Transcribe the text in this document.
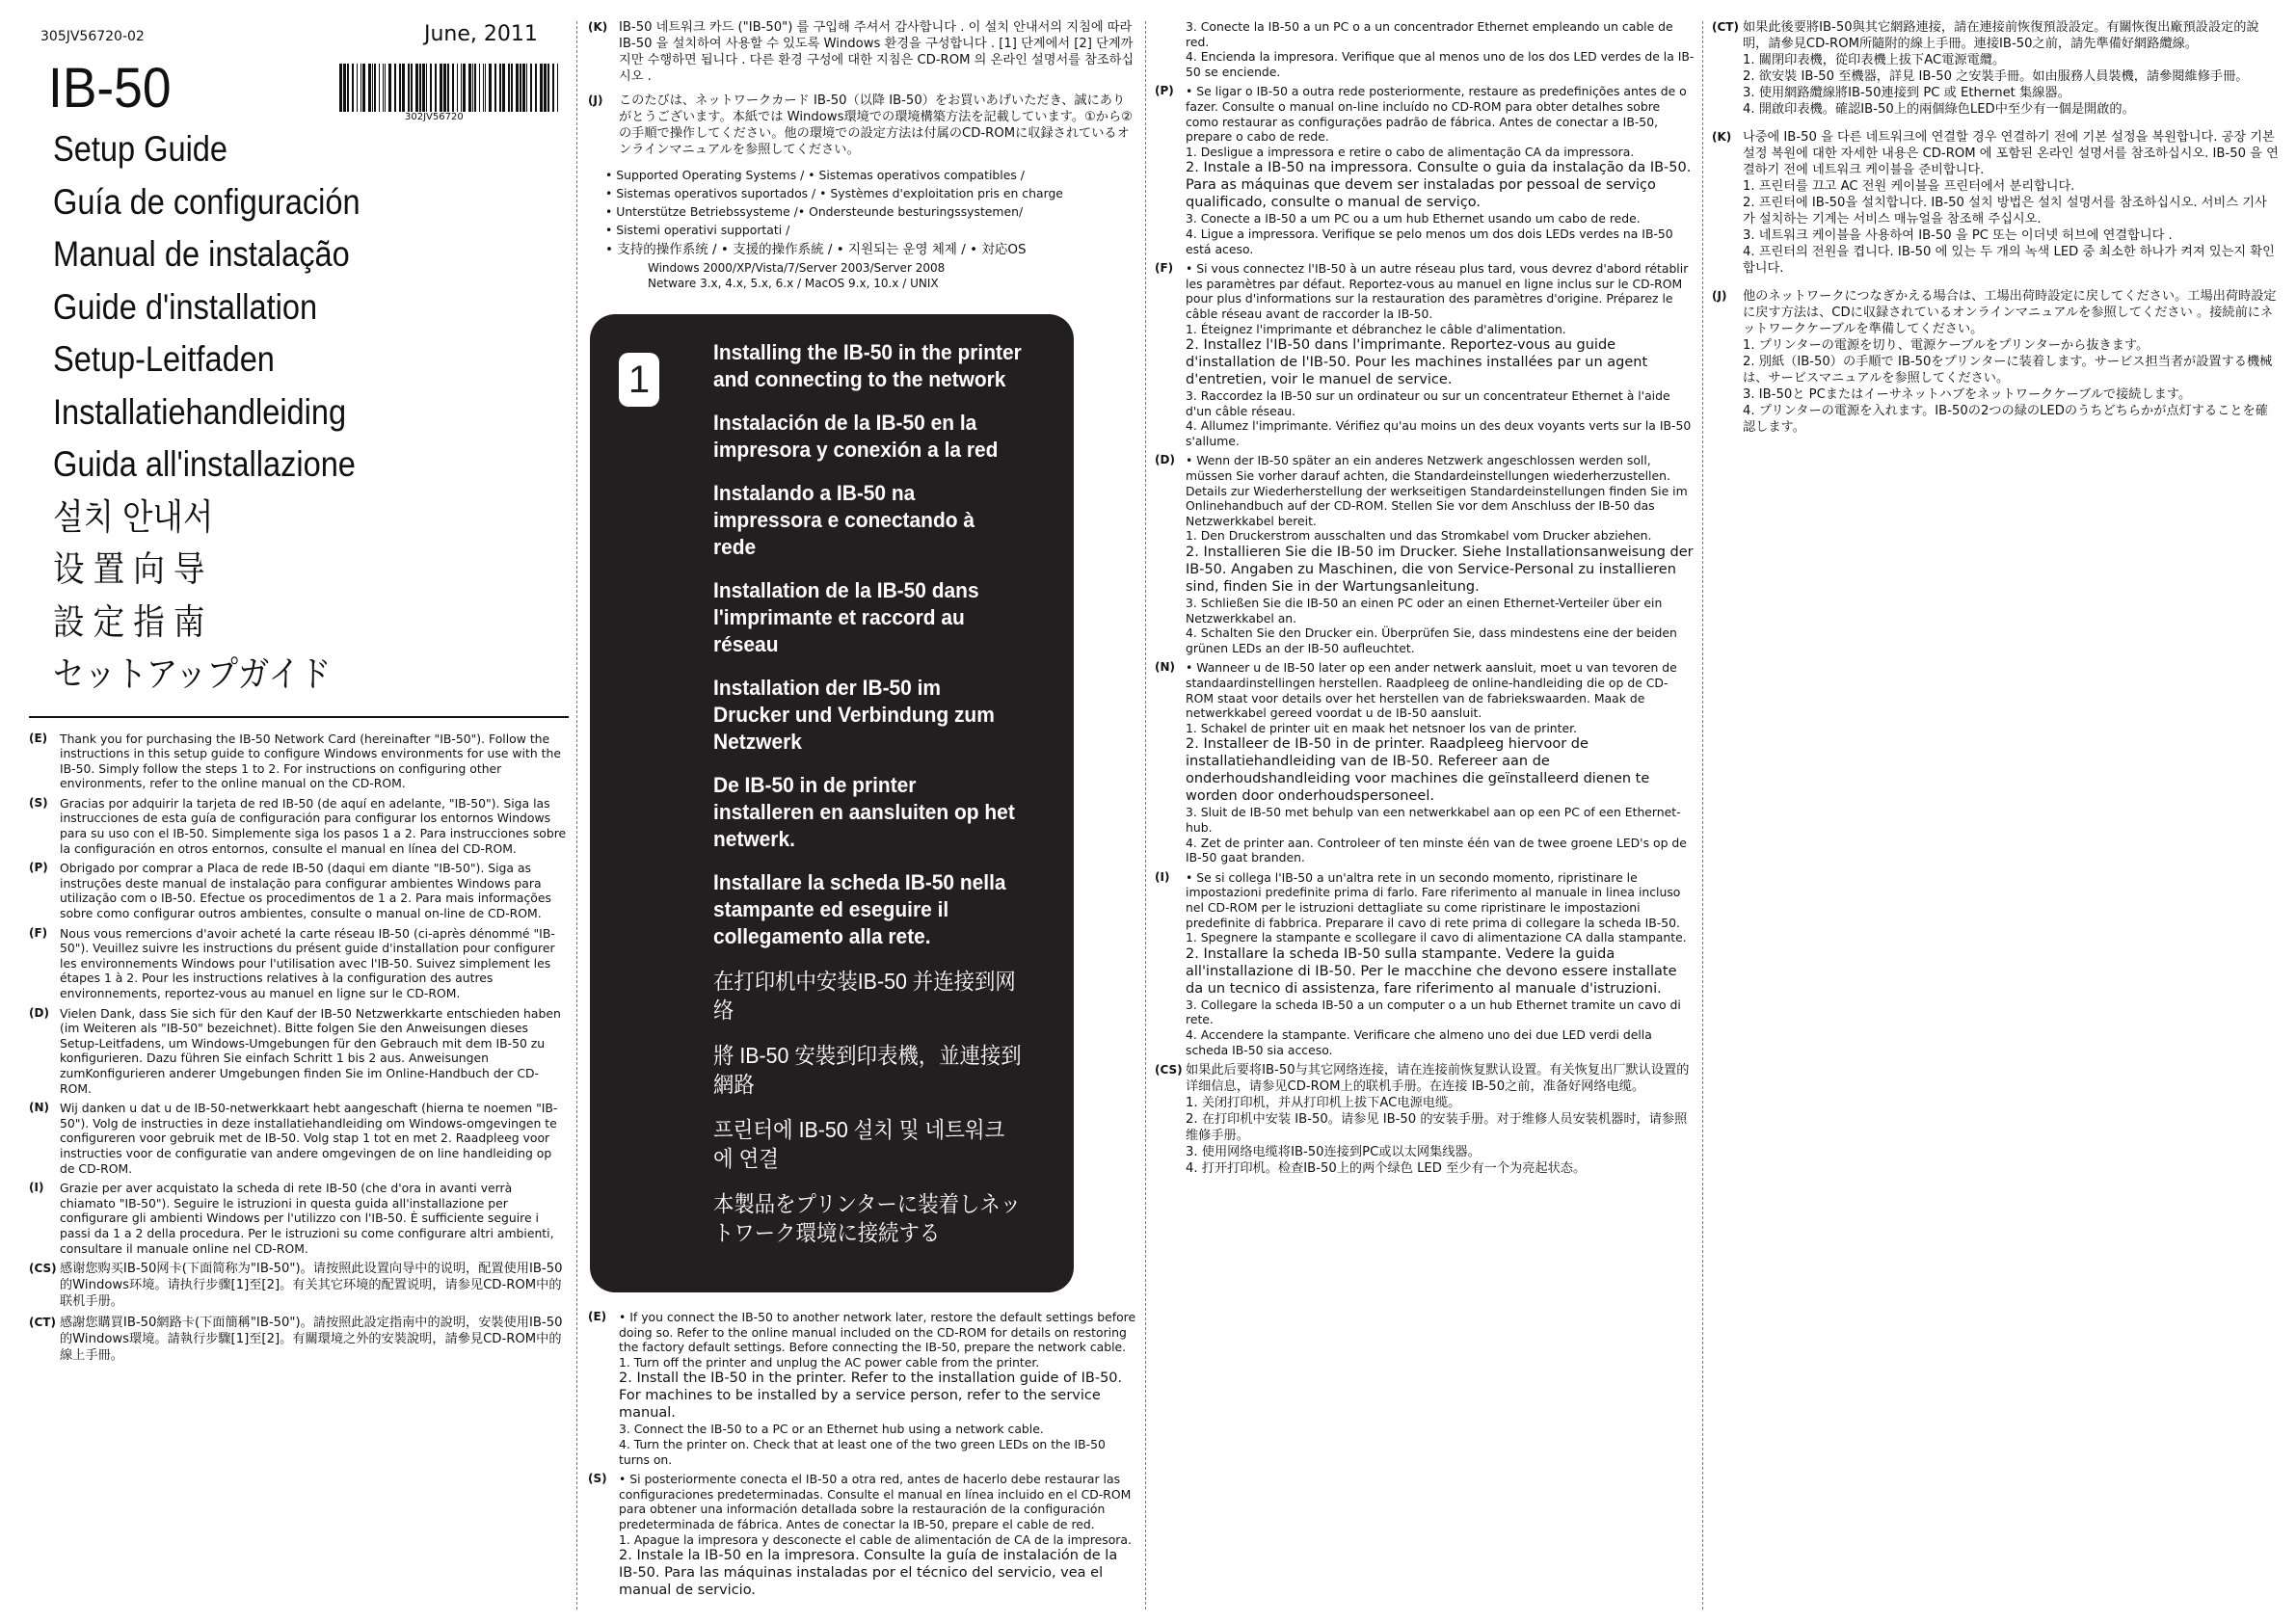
305JV56720-02	June, 2011
IB-50	302JV56720
Setup Guide
Guía de configuración
Manual de instalação
Guide d'installation
Setup-Leitfaden
Installatiehandleiding
Guida all'installazione
설치 안내서
设 置 向 导
設 定 指 南
セットアップガイド
(E) Thank you for purchasing the IB-50 Network Card (hereinafter "IB-50"). Follow the instructions in this setup guide to configure Windows environments for use with the IB-50. Simply follow the steps 1 to 2. For instructions on configuring other environments, refer to the online manual on the CD-ROM.
(S) Gracias por adquirir la tarjeta de red IB-50 (de aquí en adelante, "IB-50"). Siga las instrucciones de esta guía de configuración para configurar los entornos Windows para su uso con el IB-50. Simplemente siga los pasos 1 a 2. Para instrucciones sobre la configuración en otros entornos, consulte el manual en línea del CD-ROM.
(P) Obrigado por comprar a Placa de rede IB-50 (daqui em diante "IB-50"). Siga as instruções deste manual de instalação para configurar ambientes Windows para utilização com o IB-50. Efectue os procedimentos de 1 a 2. Para mais informações sobre como configurar outros ambientes, consulte o manual on-line de CD-ROM.
(F) Nous vous remercions d'avoir acheté la carte réseau IB-50 (ci-après dénommé "IB-50"). Veuillez suivre les instructions du présent guide d'installation pour configurer les environnements Windows pour l'utilisation avec l'IB-50. Suivez simplement les étapes 1 à 2. Pour les instructions relatives à la configuration des autres environnements, reportez-vous au manuel en ligne sur le CD-ROM.
(D) Vielen Dank, dass Sie sich für den Kauf der IB-50 Netzwerkkarte entschieden haben (im Weiteren als "IB-50" bezeichnet). Bitte folgen Sie den Anweisungen dieses Setup-Leitfadens, um Windows-Umgebungen für den Gebrauch mit dem IB-50 zu konfigurieren. Dazu führen Sie einfach Schritt 1 bis 2 aus. Anweisungen zumKonfigurieren anderer Umgebungen finden Sie im Online-Handbuch der CD-ROM.
(N) Wij danken u dat u de IB-50-netwerkkaart hebt aangeschaft (hierna te noemen "IB-50"). Volg de instructies in deze installatiehandleiding om Windows-omgevingen te configureren voor gebruik met de IB-50. Volg stap 1 tot en met 2. Raadpleeg voor instructies voor de configuratie van andere omgevingen de on line handleiding op de CD-ROM.
(I) Grazie per aver acquistato la scheda di rete IB-50 (che d'ora in avanti verrà chiamato "IB-50"). Seguire le istruzioni in questa guida all'installazione per configurare gli ambienti Windows per l'utilizzo con l'IB-50. È sufficiente seguire i passi da 1 a 2 della procedura. Per le istruzioni su come configurare altri ambienti, consultare il manuale online nel CD-ROM.
(CS) 感谢您购买IB-50网卡(下面简称为"IB-50")。请按照此设置向导中的说明，配置使用IB-50的Windows环境。请执行步骤[1]至[2]。有关其它环境的配置说明，请参见CD-ROM中的联机手册。
(CT) 感謝您購買IB-50網路卡(下面簡稱"IB-50")。請按照此設定指南中的說明，安裝使用IB-50的Windows環境。請執行步驟[1]至[2]。有關環境之外的安裝說明，請參見CD-ROM中的線上手冊。
(K) IB-50 네트워크 카드 ("IB-50") 를 구입해 주셔서 감사합니다 . 이 설치 안내서의 지침에 따라 IB-50 을 설치하여 사용할 수 있도록 Windows 환경을 구성합니다 . [1] 단계에서 [2] 단계까지만 수행하면 됩니다 . 다른 환경 구성에 대한 지침은 CD-ROM 의 온라인 설명서를 참조하십시오 .
(J) このたびは、ネットワークカード IB-50（以降 IB-50）をお買いあげいただき、誠にありがとうございます。本紙では Windows環境での環境構築方法を記載しています。①から②の手順で操作してください。他の環境での設定方法は付属のCD-ROMに収録されているオンラインマニュアルを参照してください。
• Supported Operating Systems / • Sistemas operativos compatibles /
• Sistemas operativos suportados / • Systèmes d'exploitation pris en charge
• Unterstütze Betriebssysteme /• Ondersteunde besturingssystemen/
• Sistemi operativi supportati /
• 支持的操作系统 / • 支援的操作系統 / • 지원되는 운영 체제 / • 対応OS
Windows 2000/XP/Vista/7/Server 2003/Server 2008
Netware 3.x, 4.x, 5.x, 6.x / MacOS 9.x, 10.x / UNIX
1
Installing the IB-50 in the printer and connecting to the network
Instalación de la IB-50 en la impresora y conexión a la red
Instalando a IB-50 na impressora e conectando à rede
Installation de la IB-50 dans l'imprimante et raccord au réseau
Installation der IB-50 im Drucker und Verbindung zum Netzwerk
De IB-50 in de printer installeren en aansluiten op het netwerk.
Installare la scheda IB-50 nella stampante ed eseguire il collegamento alla rete.
在打印机中安装IB-50 并连接到网络
將 IB-50 安裝到印表機，並連接到網路
프린터에 IB-50 설치 및 네트워크에 연결
本製品をプリンターに装着しネットワーク環境に接続する
(E) • If you connect the IB-50 to another network later, restore the default settings before doing so. Refer to the online manual included on the CD-ROM for details on restoring the factory default settings. Before connecting the IB-50, prepare the network cable.
1. Turn off the printer and unplug the AC power cable from the printer.
2. Install the IB-50 in the printer. Refer to the installation guide of IB-50. For machines to be installed by a service person, refer to the service manual.
3. Connect the IB-50 to a PC or an Ethernet hub using a network cable.
4. Turn the printer on. Check that at least one of the two green LEDs on the IB-50 turns on.
(S) • Si posteriormente conecta el IB-50 a otra red, antes de hacerlo debe restaurar las configuraciones predeterminadas. Consulte el manual en línea incluido en el CD-ROM para obtener una información detallada sobre la restauración de la configuración predeterminada de fábrica. Antes de conectar la IB-50, prepare el cable de red.
1. Apague la impresora y desconecte el cable de alimentación de CA de la impresora.
2. Instale la IB-50 en la impresora. Consulte la guía de instalación de la IB-50. Para las máquinas instaladas por el técnico del servicio, vea el manual de servicio.
3. Conecte la IB-50 a un PC o a un concentrador Ethernet empleando un cable de red.
4. Encienda la impresora. Verifique que al menos uno de los dos LED verdes de la IB-50 se enciende.
(P) • Se ligar o IB-50 a outra rede posteriormente, restaure as predefinições antes de o fazer. Consulte o manual on-line incluído no CD-ROM para obter detalhes sobre como restaurar as configurações padrão de fábrica. Antes de conectar a IB-50, prepare o cabo de rede.
1. Desligue a impressora e retire o cabo de alimentação CA da impressora.
2. Instale a IB-50 na impressora. Consulte o guia da instalação da IB-50. Para as máquinas que devem ser instaladas por pessoal de serviço qualificado, consulte o manual de serviço.
3. Conecte a IB-50 a um PC ou a um hub Ethernet usando um cabo de rede.
4. Ligue a impressora. Verifique se pelo menos um dos dois LEDs verdes na IB-50 está aceso.
(F) • Si vous connectez l'IB-50 à un autre réseau plus tard, vous devrez d'abord rétablir les paramètres par défaut. Reportez-vous au manuel en ligne inclus sur le CD-ROM pour plus d'informations sur la restauration des paramètres d'origine. Préparez le câble réseau avant de raccorder la IB-50.
1. Éteignez l'imprimante et débranchez le câble d'alimentation.
2. Installez l'IB-50 dans l'imprimante. Reportez-vous au guide d'installation de l'IB-50. Pour les machines installées par un agent d'entretien, voir le manuel de service.
3. Raccordez la IB-50 sur un ordinateur ou sur un concentrateur Ethernet à l'aide d'un câble réseau.
4. Allumez l'imprimante. Vérifiez qu'au moins un des deux voyants verts sur la IB-50 s'allume.
(D) • Wenn der IB-50 später an ein anderes Netzwerk angeschlossen werden soll, müssen Sie vorher darauf achten, die Standardeinstellungen wiederherzustellen. Details zur Wiederherstellung der werkseitigen Standardeinstellungen finden Sie im Onlinehandbuch auf der CD-ROM. Stellen Sie vor dem Anschluss der IB-50 das Netzwerkkabel bereit.
1. Den Druckerstrom ausschalten und das Stromkabel vom Drucker abziehen.
2. Installieren Sie die IB-50 im Drucker. Siehe Installationsanweisung der IB-50. Angaben zu Maschinen, die von Service-Personal zu installieren sind, finden Sie in der Wartungsanleitung.
3. Schließen Sie die IB-50 an einen PC oder an einen Ethernet-Verteiler über ein Netzwerkkabel an.
4. Schalten Sie den Drucker ein. Überprüfen Sie, dass mindestens eine der beiden grünen LEDs an der IB-50 aufleuchtet.
(N) • Wanneer u de IB-50 later op een ander netwerk aansluit, moet u van tevoren de standaardinstellingen herstellen. Raadpleeg de online-handleiding die op de CD-ROM staat voor details over het herstellen van de fabriekswaarden. Maak de netwerkkabel gereed voordat u de IB-50 aansluit.
1. Schakel de printer uit en maak het netsnoer los van de printer.
2. Installeer de IB-50 in de printer. Raadpleeg hiervoor de installatiehandleiding van de IB-50. Refereer aan de onderhoudshandleiding voor machines die geïnstalleerd dienen te worden door onderhoudspersoneel.
3. Sluit de IB-50 met behulp van een netwerkkabel aan op een PC of een Ethernet-hub.
4. Zet de printer aan. Controleer of ten minste één van de twee groene LED's op de IB-50 gaat branden.
(I) • Se si collega l'IB-50 a un'altra rete in un secondo momento, ripristinare le impostazioni predefinite prima di farlo. Fare riferimento al manuale in linea incluso nel CD-ROM per le istruzioni dettagliate su come ripristinare le impostazioni predefinite di fabbrica. Preparare il cavo di rete prima di collegare la scheda IB-50.
1. Spegnere la stampante e scollegare il cavo di alimentazione CA dalla stampante.
2. Installare la scheda IB-50 sulla stampante. Vedere la guida all'installazione di IB-50. Per le macchine che devono essere installate da un tecnico di assistenza, fare riferimento al manuale d'istruzioni.
3. Collegare la scheda IB-50 a un computer o a un hub Ethernet tramite un cavo di rete.
4. Accendere la stampante. Verificare che almeno uno dei due LED verdi della scheda IB-50 sia acceso.
(CS) 如果此后要将IB-50与其它网络连接，请在连接前恢复默认设置。有关恢复出厂默认设置的详细信息，请参见CD-ROM上的联机手册。在连接 IB-50之前，准备好网络电缆。
1. 关闭打印机，并从打印机上拔下AC电源电缆。
2. 在打印机中安装 IB-50。请参见 IB-50 的安装手册。对于维修人员安装机器时，请参照维修手册。
3. 使用网络电缆将IB-50连接到PC或以太网集线器。
4. 打开打印机。检查IB-50上的两个绿色 LED 至少有一个为亮起状态。
(CT) 如果此後要將IB-50與其它網路連接，請在連接前恢復預設設定。有關恢復出廠預設設定的說明，請參見CD-ROM所隨附的線上手冊。連接IB-50之前，請先準備好網路纜線。
1. 關閉印表機，從印表機上拔下AC電源電纜。
2. 欲安裝 IB-50 至機器，詳見 IB-50 之安裝手冊。如由服務人員裝機，請參閱維修手冊。
3. 使用網路纜線將IB-50連接到 PC 或 Ethernet 集線器。
4. 開啟印表機。確認IB-50上的兩個綠色LED中至少有一個是開啟的。
(K) 나중에 IB-50 을 다른 네트워크에 연결할 경우 연결하기 전에 기본 설정을 복원합니다. 공장 기본 설정 복원에 대한 자세한 내용은 CD-ROM 에 포함된 온라인 설명서를 참조하십시오. IB-50 을 연결하기 전에 네트워크 케이블을 준비합니다.
1. 프린터를 끄고 AC 전원 케이블을 프린터에서 분리합니다.
2. 프린터에 IB-50을 설치합니다. IB-50 설치 방법은 설치 설명서를 참조하십시오. 서비스 기사가 설치하는 기계는 서비스 매뉴얼을 참조해 주십시오.
3. 네트워크 케이블을 사용하여 IB-50 을 PC 또는 이더넷 허브에 연결합니다 .
4. 프린터의 전원을 켭니다. IB-50 에 있는 두 개의 녹색 LED 중 최소한 하나가 켜져 있는지 확인합니다.
(J) 他のネットワークにつなぎかえる場合は、工場出荷時設定に戻してください。工場出荷時設定に戻す方法は、CDに収録されているオンラインマニュアルを参照してください 。接続前にネットワークケーブルを準備してください。
1. プリンターの電源を切り、電源ケーブルをプリンターから抜きます。
2. 別紙（IB-50）の手順で IB-50をプリンターに装着します。サービス担当者が設置する機械は、サービスマニュアルを参照してください。
3. IB-50と PCまたはイーサネットハブをネットワークケーブルで接続します。
4. プリンターの電源を入れます。IB-50の2つの緑のLEDのうちどちらかが点灯することを確認します。
